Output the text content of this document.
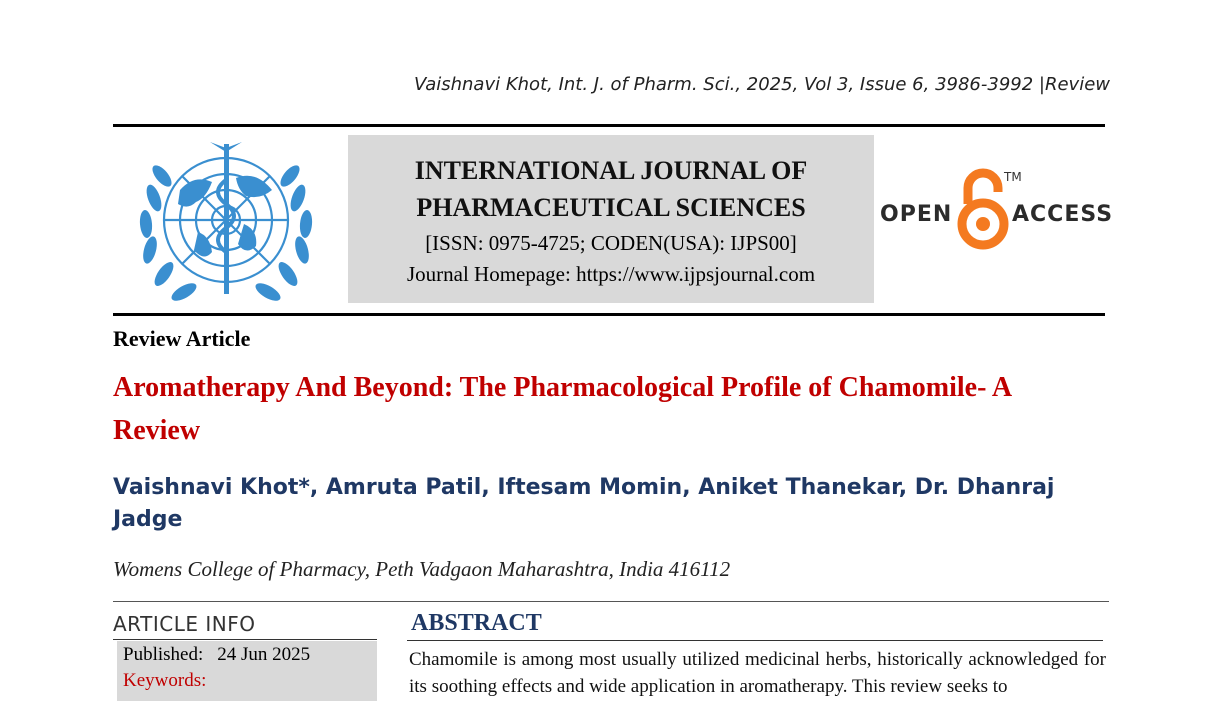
Vaishnavi Khot, Int. J. of Pharm. Sci., 2025, Vol 3, Issue 6, 3986-3992 |Review
INTERNATIONAL JOURNAL OF
PHARMACEUTICAL SCIENCES
[ISSN: 0975-4725; CODEN(USA): IJPS00]
Journal Homepage: https://www.ijpsjournal.com
OPEN
TM
ACCESS
Review Article
Aromatherapy And Beyond: The Pharmacological Profile of Chamomile- A Review
Vaishnavi Khot*, Amruta Patil, Iftesam Momin, Aniket Thanekar, Dr. Dhanraj Jadge
Womens College of Pharmacy, Peth Vadgaon Maharashtra, India 416112
ARTICLE INFO
Published: 24 Jun 2025
Keywords:
ABSTRACT
Chamomile is among most usually utilized medicinal herbs, historically acknowledged for its soothing effects and wide application in aromatherapy. This review seeks to
